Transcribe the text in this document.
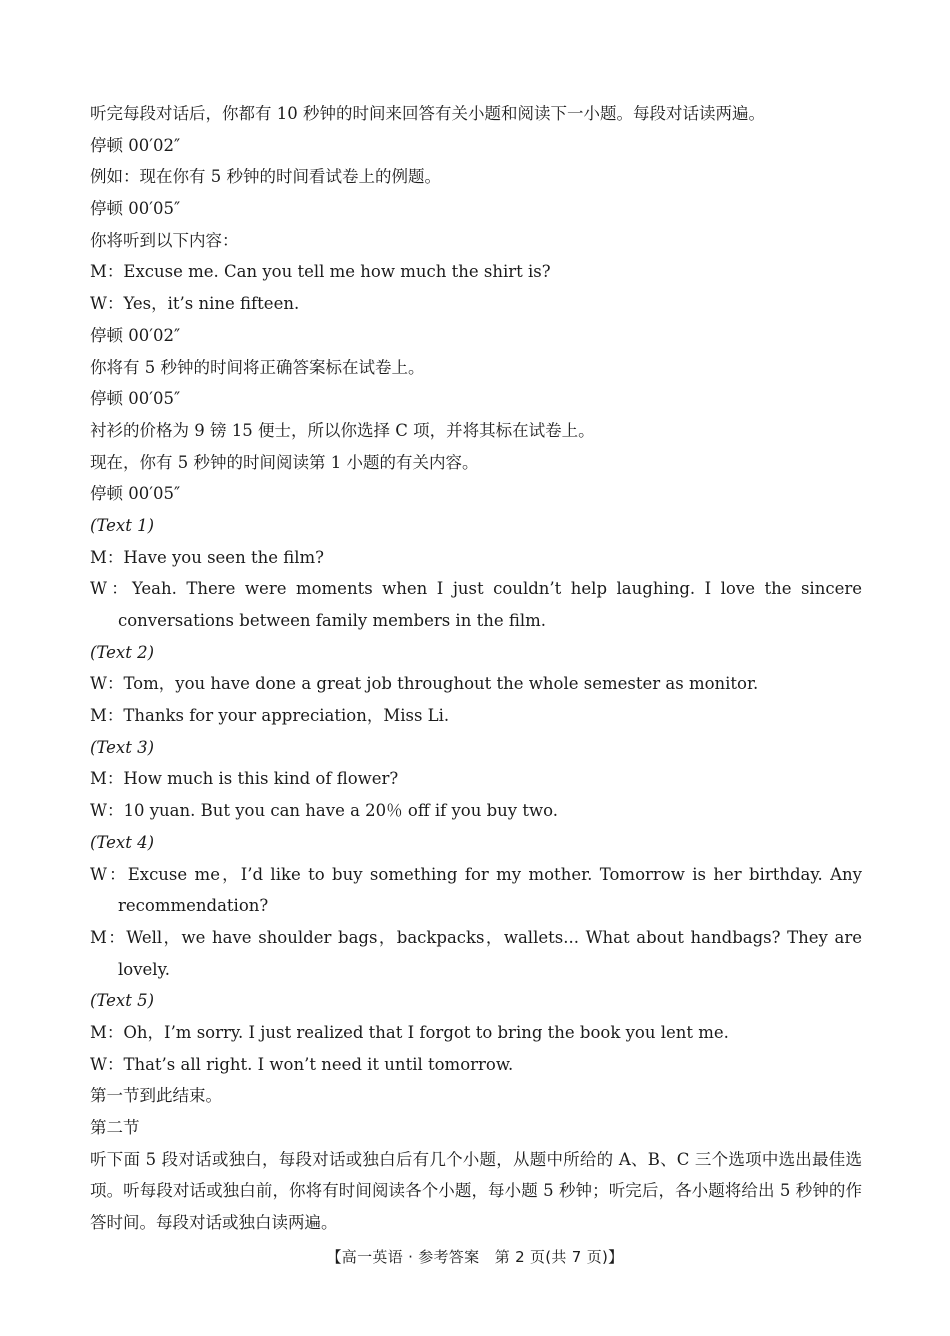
听完每段对话后，你都有 10 秒钟的时间来回答有关小题和阅读下一小题。每段对话读两遍。
停顿 00′02″
例如：现在你有 5 秒钟的时间看试卷上的例题。
停顿 00′05″
你将听到以下内容：
M：Excuse me. Can you tell me how much the shirt is?
W：Yes，it’s nine fifteen.
停顿 00′02″
你将有 5 秒钟的时间将正确答案标在试卷上。
停顿 00′05″
衬衫的价格为 9 镑 15 便士，所以你选择 C 项，并将其标在试卷上。
现在，你有 5 秒钟的时间阅读第 1 小题的有关内容。
停顿 00′05″
(Text 1)
M：Have you seen the film?
W：Yeah. There were moments when I just couldn’t help laughing. I love the sincere conversations between family members in the film.
(Text 2)
W：Tom，you have done a great job throughout the whole semester as monitor.
M：Thanks for your appreciation，Miss Li.
(Text 3)
M：How much is this kind of flower?
W：10 yuan. But you can have a 20％ off if you buy two.
(Text 4)
W：Excuse me，I’d like to buy something for my mother. Tomorrow is her birthday. Any recommendation?
M：Well，we have shoulder bags，backpacks，wallets... What about handbags? They are lovely.
(Text 5)
M：Oh，I’m sorry. I just realized that I forgot to bring the book you lent me.
W：That’s all right. I won’t need it until tomorrow.
第一节到此结束。
第二节
听下面 5 段对话或独白，每段对话或独白后有几个小题，从题中所给的 A、B、C 三个选项中选出最佳选项。听每段对话或独白前，你将有时间阅读各个小题，每小题 5 秒钟；听完后，各小题将给出 5 秒钟的作答时间。每段对话或独白读两遍。
【高一英语 · 参考答案　第 2 页(共 7 页)】
